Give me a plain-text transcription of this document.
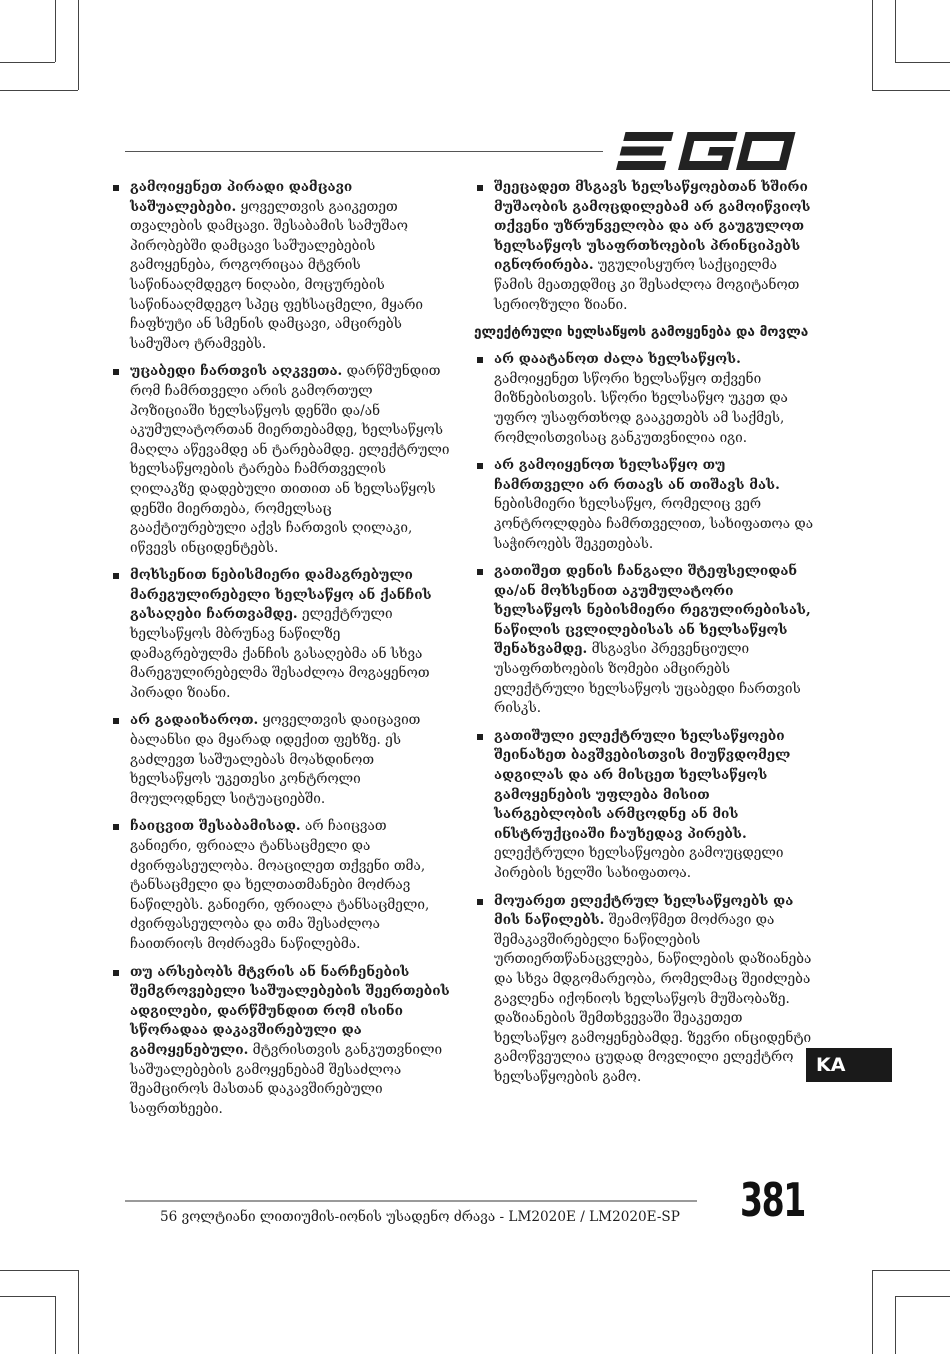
გამოიყენეთ პირადი დამცავი საშუალებები. ყოველთვის გაიკეთეთ თვალების დამცავი. შესაბამის სამუშაო პირობებში დამცავი საშუალებების გამოყენება, როგორიცაა მტვრის საწინააღმდეგო ნიღაბი, მოცურების საწინააღმდეგო სპეც ფეხსაცმელი, მყარი ჩაფხუტი ან სმენის დამცავი, ამცირებს სამუშაო ტრამვებს.
უცაბედი ჩართვის აღკვეთა. დარწმუნდით რომ ჩამრთველი არის გამორთულ პოზიციაში ხელსაწყოს დენში და/ან აკუმულატორთან მიერთებამდე, ხელსაწყოს მაღლა აწევამდე ან ტარებამდე. ელექტრული ხელსაწყოების ტარება ჩამრთველის ღილაკზე დადებული თითით ან ხელსაწყოს დენში მიერთება, რომელსაც გააქტიურებული აქვს ჩართვის ღილაკი, იწვევს ინციდენტებს.
მოხსენით ნებისმიერი დამაგრებული მარეგულირებელი ხელსაწყო ან ქანჩის გასაღები ჩართვამდე. ელექტრული ხელსაწყოს მბრუნავ ნაწილზე დამაგრებულმა ქანჩის გასაღებმა ან სხვა მარეგულირებელმა შესაძლოა მოგაყენოთ პირადი ზიანი.
არ გადაიხაროთ. ყოველთვის დაიცავით ბალანსი და მყარად იდექით ფეხზე. ეს გაძლევთ საშუალებას მოახდინოთ ხელსაწყოს უკეთესი კონტროლი მოულოდნელ სიტუაციებში.
ჩაიცვით შესაბამისად. არ ჩაიცვათ განიერი, ფრიალა ტანსაცმელი და ძვირფასეულობა. მოაცილეთ თქვენი თმა, ტანსაცმელი და ხელთათმანები მოძრავ ნაწილებს. განიერი, ფრიალა ტანსაცმელი, ძვირფასეულობა და თმა შესაძლოა ჩაითრიოს მოძრავმა ნაწილებმა.
თუ არსებობს მტვრის ან ნარჩენების შემგროვებელი საშუალებების შეერთების ადგილები, დარწმუნდით რომ ისინი სწორადაა დაკავშირებული და გამოყენებული. მტვრისთვის განკუთვნილი საშუალებების გამოყენებამ შესაძლოა შეამციროს მასთან დაკავშირებული საფრთხეები.
შეეცადეთ მსგავს ხელსაწყოებთან ხშირი მუშაობის გამოცდილებამ არ გამოიწვიოს თქვენი უზრუნველობა და არ გაუგულოთ ხელსაწყოს უსაფრთხოების პრინციპებს იგნორირება. უგულისყურო საქციელმა წამის მეათედშიც კი შესაძლოა მოგიტანოთ სერიოზული ზიანი.
ელექტრული ხელსაწყოს გამოყენება და მოვლა
არ დაატანოთ ძალა ხელსაწყოს. გამოიყენეთ სწორი ხელსაწყო თქვენი მიზნებისთვის. სწორი ხელსაწყო უკეთ და უფრო უსაფრთხოდ გააკეთებს ამ საქმეს, რომლისთვისაც განკუთვნილია იგი.
არ გამოიყენოთ ხელსაწყო თუ ჩამრთველი არ რთავს ან თიშავს მას. ნებისმიერი ხელსაწყო, რომელიც ვერ კონტროლდება ჩამრთველით, სახიფათოა და საჭიროებს შეკეთებას.
გათიშეთ დენის ჩანგალი შტეფსელიდან და/ან მოხსენით აკუმულატორი ხელსაწყოს ნებისმიერი რეგულირებისას, ნაწილის ცვლილებისას ან ხელსაწყოს შენახვამდე. მსგავსი პრევენციული უსაფრთხოების ზომები ამცირებს ელექტრული ხელსაწყოს უცაბედი ჩართვის რისკს.
გათიშული ელექტრული ხელსაწყოები შეინახეთ ბავშვებისთვის მიუწვდომელ ადგილას და არ მისცეთ ხელსაწყოს გამოყენების უფლება მისით სარგებლობის არმცოდნე ან მის ინსტრუქციაში ჩაუხედავ პირებს. ელექტრული ხელსაწყოები გამოუცდელი პირების ხელში სახიფათოა.
მოუარეთ ელექტრულ ხელსაწყოებს და მის ნაწილებს. შეამოწმეთ მოძრავი და შემაკავშირებელი ნაწილების ურთიერთწანაცვლება, ნაწილების დაზიანება და სხვა მდგომარეობა, რომელმაც შეიძლება გავლენა იქონიოს ხელსაწყოს მუშაობაზე. დაზიანების შემთხვევაში შეაკეთეთ ხელსაწყო გამოყენებამდე. ზევრი ინციდენტი გამოწვეულია ცუდად მოვლილი ელექტრო ხელსაწყოების გამო.
KA
56 ვოლტიანი ლითიუმის-იონის უსადენო ძრავა - LM2020E / LM2020E-SP 381
